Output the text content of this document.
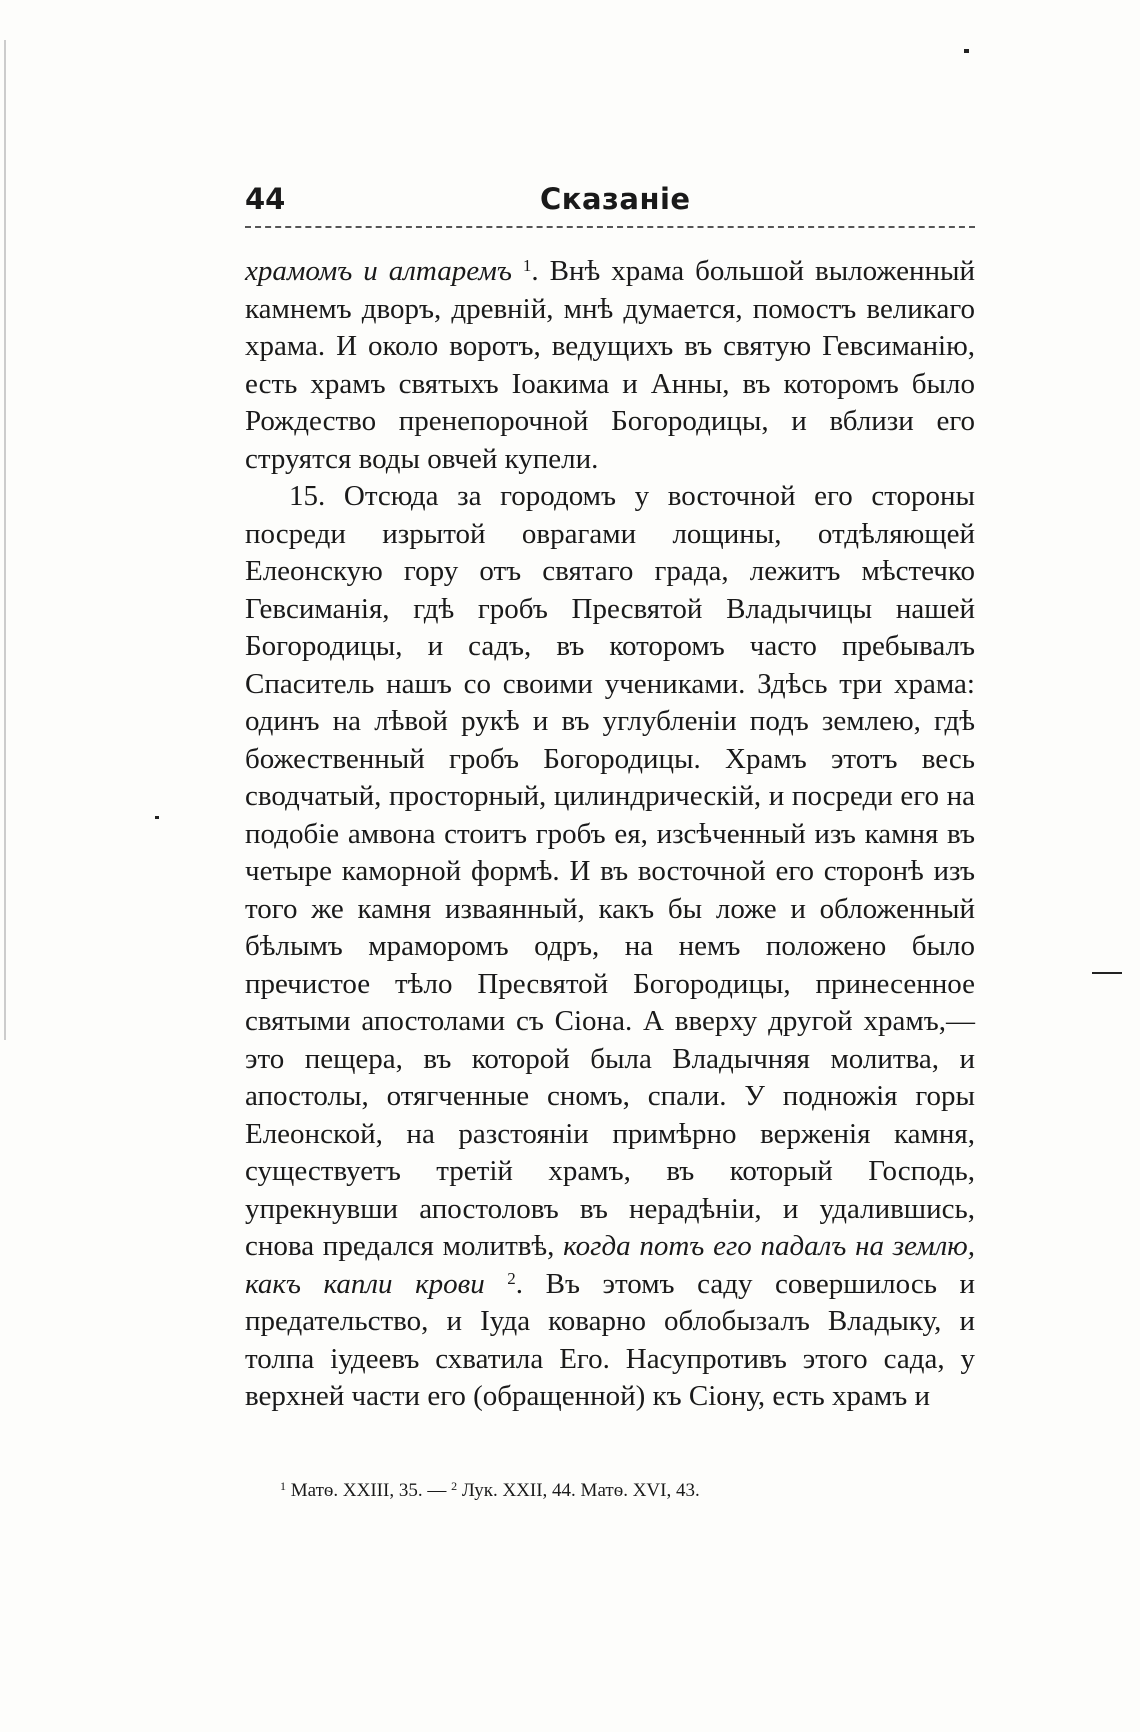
44	Сказаніе

храмомъ и алтаремъ $^1$. Внѣ храма большой выложенный камнемъ дворъ, древній, мнѣ думается, помостъ великаго храма. И около воротъ, ведущихъ въ святую Гевсиманію, есть храмъ святыхъ Іоакима и Анны, въ которомъ было Рождество пренепорочной Богородицы, и вблизи его струятся воды овчей купели.

15. Отсюда за городомъ у восточной его стороны посреди изрытой оврагами лощины, отдѣляющей Елеонскую гору отъ святаго града, лежитъ мѣстечко Гевсиманія, гдѣ гробъ Пресвятой Владычицы нашей Богородицы, и садъ, въ которомъ часто пребывалъ Спаситель нашъ со своими учениками. Здѣсь три храма: одинъ на лѣвой рукѣ и въ углубленіи подъ землею, гдѣ божественный гробъ Богородицы. Храмъ этотъ весь сводчатый, просторный, цилиндрическій, и посреди его на подобіе амвона стоитъ гробъ ея, изсѣченный изъ камня въ четыре каморной формѣ. И въ восточной его сторонѣ изъ того же камня изваянный, какъ бы ложе и обложенный бѣлымъ мраморомъ одръ, на немъ положено было пречистое тѣло Пресвятой Богородицы, принесенное святыми апостолами съ Сіона. А вверху другой храмъ,— это пещера, въ которой была Владычняя молитва, и апостолы, отягченные сномъ, спали. У подножія горы Елеонской, на разстояніи примѣрно верженія камня, существуетъ третій храмъ, въ который Господь, упрекнувши апостоловъ въ нерадѣніи, и удалившись, снова предался молитвѣ, когда потъ его падалъ на землю, какъ капли крови $^2$. Въ этомъ саду совершилось и предательство, и Іуда коварно облобызалъ Владыку, и толпа іудеевъ схватила Его. Насупротивъ этого сада, у верхней части его (обращенной) къ Сіону, есть храмъ и

$^1$ Матѳ. XXIII, 35. — $^2$ Лук. XXII, 44. Матѳ. XVI, 43.
